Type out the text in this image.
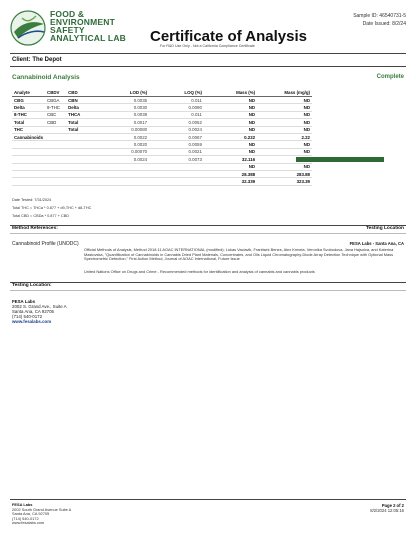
FOOD &
ENVIRONMENT
SAFETY
ANALYTICAL LAB Certificate of Analysis
For R&D Use Only - Not a California Compliance Certificate
Sample ID: 46540731-5
Date Issued: 8/2/24
Client: The Depot
Cannabinoid Analysis	Complete
Analyte	CBDV	CBD	LOD (%)	LOQ (%)	Mass (%)	Mass (mg/g)
CBG	CBGA	CBN	0.0035	0.011	ND	ND
Delta	9-THC	Delta	0.0030	0.0090	ND	ND
8-THC	CBC	THCA	0.0039	0.011	ND	ND
Total	CBD	Total	0.0017	0.0052	ND	ND
THC		Total	0.00080	0.0024	ND	ND
Cannabinoids			0.0022	0.0067	0.222	2.22
			0.0020	0.0059	ND	ND
			0.00070	0.0021	ND	ND
			0.0024	0.0073	32.116	
					ND	ND
					28.388	283.88
					32.339	323.39
Date Tested: 7/31/2024
Total THC = THCa * 0.877 + d9-THC + d8-THC
Total CBD = CBDa * 0.877 + CBD
Method References:	Testing Location
Cannabinoid Profile (UNODC)	FESA Labs - Santa Ana, CA
Official Methods of Analysis, Method 2018.11 AOAC INTERNATIONAL (modified); Lukas Vaclavik, Frantisek Benes, Alex Krmela, Veronika Svobodova, Jana Hajsolva, and Katerina Mastovska, "Quantification of Cannabinoids in Cannabis Dried Plant Materials, Concentrates, and Oils Liquid Chromatography-Diode Array Detection Technique with Optional Mass Spectrometric Detection," First Action Method, Journal of AOAC International, Future Issue
United Nations Office on Drugs and Crime - Recommended methods for identification and analysis of cannabis and cannabis products
Testing Location:
FESA Labs
2002 S. Grand Ave., Suite A
Santa Ana, CA 92705
(714) 540-0172
www.fesalabs.com
FESA Labs
2002 South Grand Avenue Suite A
Santa Ana, CA 92705
(714) 540-0172
www.fesalabs.com
Page 2 of 2
8/2/2024 12:05:16
